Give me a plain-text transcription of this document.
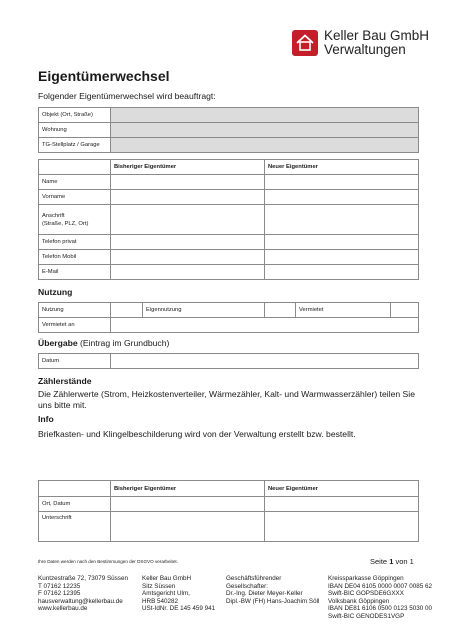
Keller Bau GmbH
Verwaltungen
Eigentümerwechsel
Folgender Eigentümerwechsel wird beauftragt:
Objekt (Ort, Straße)	
Wohnung	
TG-Stellplatz / Garage	
	Bisheriger Eigentümer	Neuer Eigentümer
Name		
Vorname		
Anschrift
(Straße, PLZ, Ort)		
Telefon privat		
Telefon Mobil		
E-Mail		
Nutzung
Nutzung		Eigennutzung		Vermietet	
Vermietet an					
Übergabe (Eintrag im Grundbuch)
Datum	
Zählerstände
Die Zählerwerte (Strom, Heizkostenverteiler, Wärmezähler, Kalt- und Warmwasserzähler) teilen Sie uns bitte mit.
Info
Briefkasten- und Klingelbeschilderung wird von der Verwaltung erstellt bzw. bestellt.
	Bisheriger Eigentümer	Neuer Eigentümer
Ort, Datum		
Unterschrift		
Ihre Daten werden nach den Bestimmungen der DSGVO verarbeitet.	Seite 1 von 1
Kuntzestraße 72, 73079 Süssen
T 07162 12235
F 07162 12395
hausverwaltung@kellerbau.de
www.kellerbau.de
Keller Bau GmbH
Sitz Süssen
Amtsgericht Ulm,
HRB 540282
USt-IdNr. DE 145 459 941
Geschäftsführender
Gesellschafter:
Dr.-Ing. Dieter Meyer-Keller
Dipl.-BW (FH) Hans-Joachim Söll
Kreissparkasse Göppingen
IBAN DE04 6105 0000 0007 0085 62
Swift-BIC GOPSDE6GXXX
Volksbank Göppingen
IBAN DE81 6106 0500 0123 5030 00
Swift-BIC GENODES1VGP
